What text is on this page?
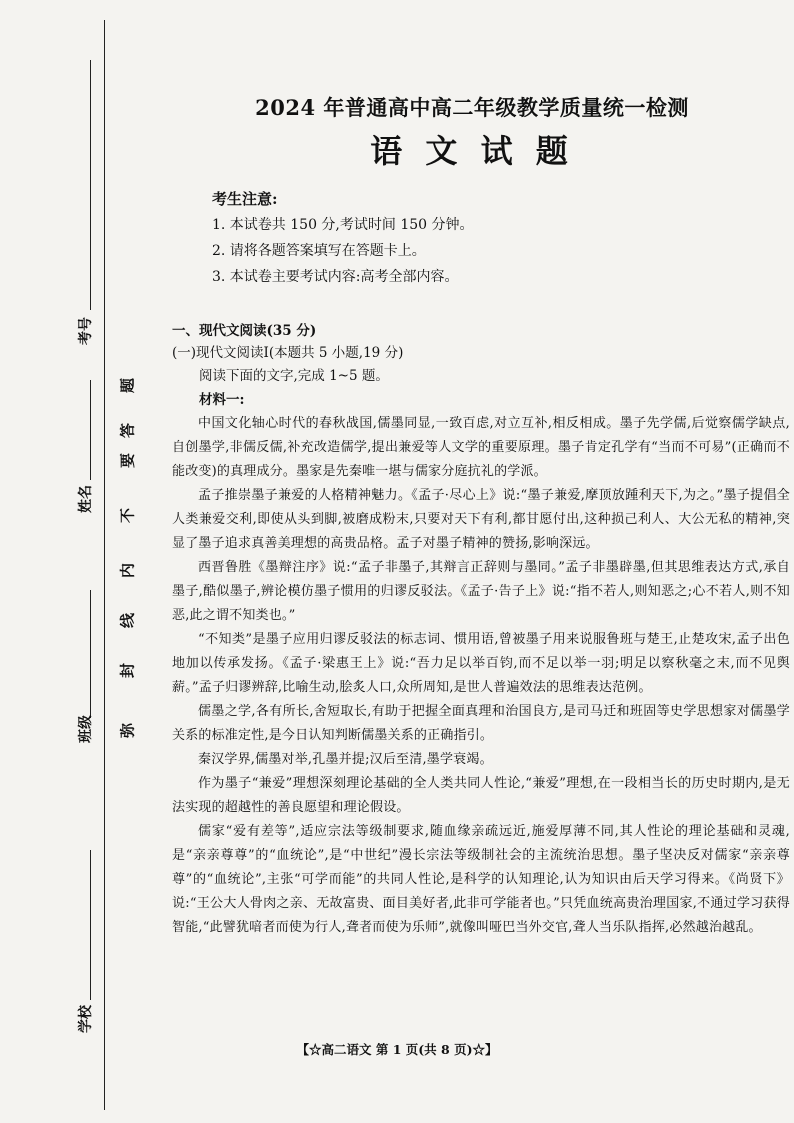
考号
姓名
班级
学校
弥
封
线
内
不
要
答
题
2024 年普通高中高二年级教学质量统一检测
语 文 试 题
考生注意:
1. 本试卷共 150 分,考试时间 150 分钟。
2. 请将各题答案填写在答题卡上。
3. 本试卷主要考试内容:高考全部内容。
一、现代文阅读(35 分)
(一)现代文阅读Ⅰ(本题共 5 小题,19 分)

阅读下面的文字,完成 1~5 题。

材料一:

中国文化轴心时代的春秋战国,儒墨同显,一致百虑,对立互补,相反相成。墨子先学儒,后觉察儒学缺点,自创墨学,非儒反儒,补充改造儒学,提出兼爱等人文学的重要原理。墨子肯定孔学有“当而不可易”(正确而不能改变)的真理成分。墨家是先秦唯一堪与儒家分庭抗礼的学派。

孟子推崇墨子兼爱的人格精神魅力。《孟子·尽心上》说:“墨子兼爱,摩顶放踵利天下,为之。”墨子提倡全人类兼爱交利,即使从头到脚,被磨成粉末,只要对天下有利,都甘愿付出,这种损己利人、大公无私的精神,突显了墨子追求真善美理想的高贵品格。孟子对墨子精神的赞扬,影响深远。

西晋鲁胜《墨辩注序》说:“孟子非墨子,其辩言正辞则与墨同。”孟子非墨辟墨,但其思维表达方式,承自墨子,酷似墨子,辨论模仿墨子惯用的归谬反驳法。《孟子·告子上》说:“指不若人,则知恶之;心不若人,则不知恶,此之谓不知类也。”

“不知类”是墨子应用归谬反驳法的标志词、惯用语,曾被墨子用来说服鲁班与楚王,止楚攻宋,孟子出色地加以传承发扬。《孟子·梁惠王上》说:“吾力足以举百钧,而不足以举一羽;明足以察秋毫之末,而不见舆薪。”孟子归谬辨辞,比喻生动,脍炙人口,众所周知,是世人普遍效法的思维表达范例。

儒墨之学,各有所长,舍短取长,有助于把握全面真理和治国良方,是司马迁和班固等史学思想家对儒墨学关系的标准定性,是今日认知判断儒墨关系的正确指引。

秦汉学界,儒墨对举,孔墨并提;汉后至清,墨学衰竭。

作为墨子“兼爱”理想深刻理论基础的全人类共同人性论,“兼爱”理想,在一段相当长的历史时期内,是无法实现的超越性的善良愿望和理论假设。

儒家“爱有差等”,适应宗法等级制要求,随血缘亲疏远近,施爱厚薄不同,其人性论的理论基础和灵魂,是“亲亲尊尊”的“血统论”,是“中世纪”漫长宗法等级制社会的主流统治思想。墨子坚决反对儒家“亲亲尊尊”的“血统论”,主张“可学而能”的共同人性论,是科学的认知理论,认为知识由后天学习得来。《尚贤下》说:“王公大人骨肉之亲、无故富贵、面目美好者,此非可学能者也。”只凭血统高贵治理国家,不通过学习获得智能,“此譬犹喑者而使为行人,聋者而使为乐师”,就像叫哑巴当外交官,聋人当乐队指挥,必然越治越乱。

【☆高二语文 第 1 页(共 8 页)☆】
